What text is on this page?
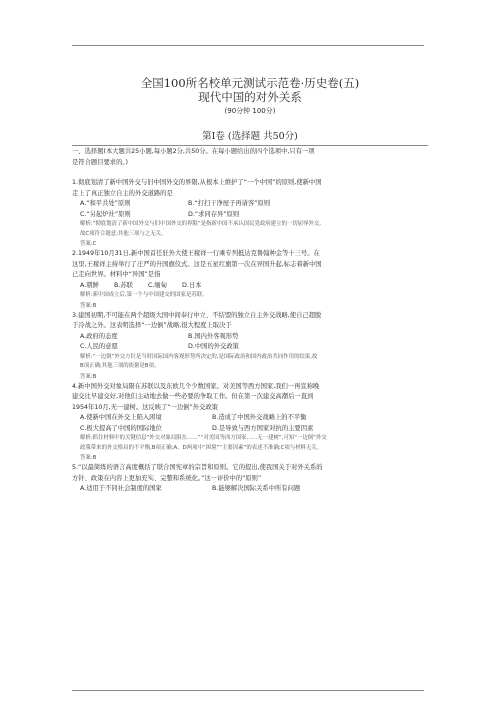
全国100所名校单元测试示范卷·历史卷(五)
现代中国的对外关系
(90分钟 100分)
第Ⅰ卷 (选择题 共50分)

一、选择题(本大题共25小题,每小题2分,共50分。在每小题给出的四个选项中,只有一项

是符合题目要求的。)

1.彻底划清了新中国外交与旧中国外交的界限,从根本上维护了“一个中国”的原则,使新中国

走上了真正独立自主的外交道路的是

A.“和平共处”原则	B.“打扫干净屋子再请客”原则

C.“另起炉灶”原则	D.“求同存异”原则

解析:“彻底划清了新中国外交与旧中国外交的界限”是指新中国不承认国民党政府建立的一切屈辱外交,

故C项符合题意;其他三项与之无关。

答案:C

2.1949年10月31日,新中国首任驻外大使王稼祥一行乘专列抵达克鲁翰种金等十三号。在

这里,王稼祥主持举行了庄严的升国旗仪式。这是五星红旗第一次在异国升起,标志着新中国

已走向世界。材料中“异国”是指

A.朝鲜 B.苏联 C.缅甸 D.日本

解析:新中国成立后,第一个与中国建交的国家是苏联。

答案:B

3.建国初期,不可能在两个超级大国中间奉行中立、不结盟的独立自主外交战略,使自己超脱

于冷战之外。这表明选择“一边倒”战略,很大程度上取决于

A.政府的态度	B.国内外客观形势

C.人民的意愿	D.中国的外交政策

解析:“一边倒”外交方针是当时国际国内客观形势所决定的,是国际政治和国内政治共同作用的结果,故

B项正确;其他三项的依据是B项。

答案:B

4.新中国外交对象局限在苏联以及东欧几个少数国家。对美国等西方国家,我们一再宣称晚

建交比早建交好,对他们主动地去做一些必要的争取工作。但在第一次建交高潮后一直到

1954年10月,无一建树。这反映了“一边倒”外交政策

A.使新中国在外交上陷入困境	B.造成了中国外交战略上的不平衡

C.极大提高了中国的国际地位	D.是导致与西方国家对抗的主要因素

解析:抓住材料中的关键信息“外交对象局限在……”“对美国等西方国家……无一建树”,可知“一边倒”外交

政策带来的外交格局的不平衡,B项正确;A、D两项中“困境”“主要因素”的表述不准确;C项与材料无关。

答案:B

5.“以最简练的语言高度概括了联合国宪章的宗旨和原则。它的提出,使我国关于对外关系的

方针、政策在内容上更加充实、完整和系统化。”这一评价中的“原则”

A.适用于不同社会制度的国家	B.能够解决国际关系中所有问题
